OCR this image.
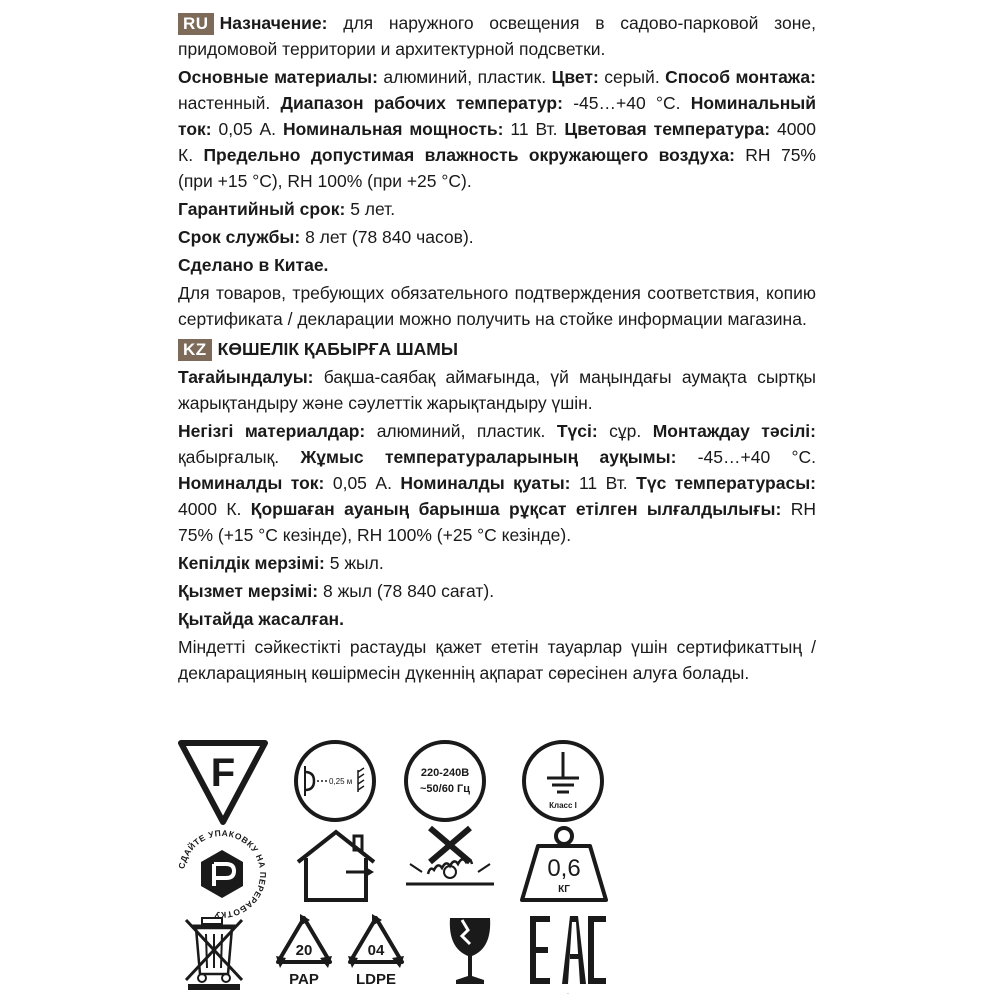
RU Назначение: для наружного освещения в садово-парковой зоне, придомовой территории и архитектурной подсветки.

Основные материалы: алюминий, пластик. Цвет: серый. Способ монтажа: настенный. Диапазон рабочих температур: -45…+40 °С. Номинальный ток: 0,05 А. Номинальная мощность: 11 Вт. Цветовая температура: 4000 К. Предельно допустимая влажность окружающего воздуха: RH 75% (при +15 °С), RH 100% (при +25 °С).

Гарантийный срок: 5 лет.

Срок службы: 8 лет (78 840 часов).

Сделано в Китае.

Для товаров, требующих обязательного подтверждения соответствия, копию сертификата / декларации можно получить на стойке информации магазина.

KZ КӨШЕЛІК ҚАБЫРҒА ШАМЫ

Тағайындалуы: бақша-саябақ аймағында, үй маңындағы аумақта сыртқы жарықтандыру және сәулеттік жарықтандыру үшін.

Негізгі материалдар: алюминий, пластик. Түсі: сұр. Монтаждау тәсілі: қабырғалық. Жұмыс температураларының ауқымы: -45…+40 °С. Номиналды ток: 0,05 А. Номиналды қуаты: 11 Вт. Түс температурасы: 4000 К. Қоршаған ауаның барынша рұқсат етілген ылғалдылығы: RH 75% (+15 °С кезінде), RH 100% (+25 °С кезінде).

Кепілдік мерзімі: 5 жыл.

Қызмет мерзімі: 8 жыл (78 840 сағат).

Қытайда жасалған.

Міндетті сәйкестікті растауды қажет ететін тауарлар үшін сертификаттың / декларацияның көшірмесін дүкеннің ақпарат сөресінен алуға болады.

F	0,25 м
220-240В
~50/60 Гц
Класс I
СДАЙТЕ УПАКОВКУ НА ПЕРЕРАБОТКУ
0,6
КГ
20
PAP
04
LDPE
ЕАС
